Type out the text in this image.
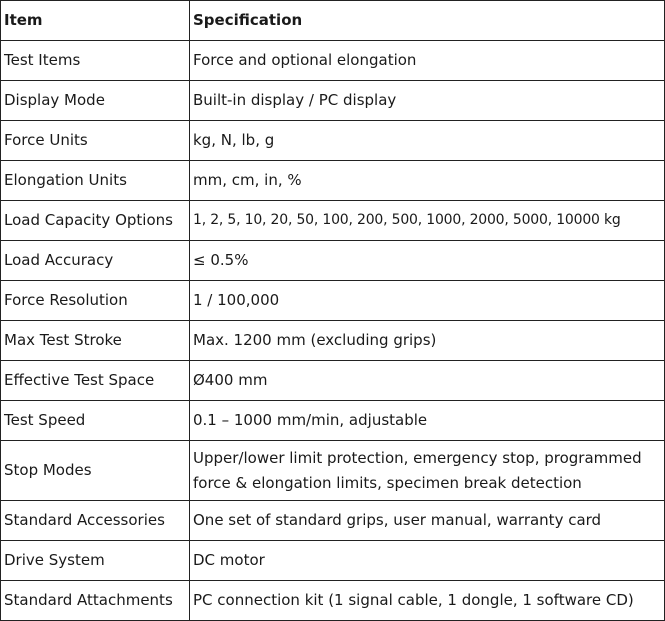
Item	Specification
Test Items	Force and optional elongation
Display Mode	Built-in display / PC display
Force Units	kg, N, lb, g
Elongation Units	mm, cm, in, %
Load Capacity Options	1, 2, 5, 10, 20, 50, 100, 200, 500, 1000, 2000, 5000, 10000 kg
Load Accuracy	≤ 0.5%
Force Resolution	1 / 100,000
Max Test Stroke	Max. 1200 mm (excluding grips)
Effective Test Space	Ø400 mm
Test Speed	0.1 – 1000 mm/min, adjustable
Stop Modes	Upper/lower limit protection, emergency stop, programmed force & elongation limits, specimen break detection
Standard Accessories	One set of standard grips, user manual, warranty card
Drive System	DC motor
Standard Attachments	PC connection kit (1 signal cable, 1 dongle, 1 software CD)
